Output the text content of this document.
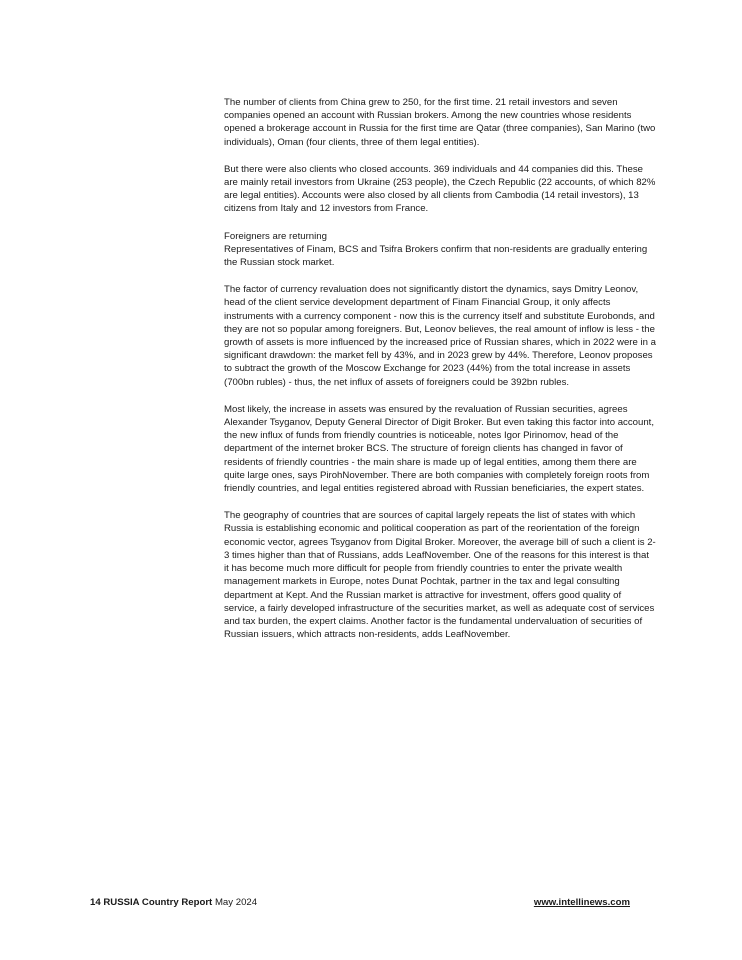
The number of clients from China grew to 250, for the first time. 21 retail investors and seven companies opened an account with Russian brokers. Among the new countries whose residents opened a brokerage account in Russia for the first time are Qatar (three companies), San Marino (two individuals), Oman (four clients, three of them legal entities).

But there were also clients who closed accounts. 369 individuals and 44 companies did this. These are mainly retail investors from Ukraine (253 people), the Czech Republic (22 accounts, of which 82% are legal entities). Accounts were also closed by all clients from Cambodia (14 retail investors), 13 citizens from Italy and 12 investors from France.

Foreigners are returning

Representatives of Finam, BCS and Tsifra Brokers confirm that non-residents are gradually entering the Russian stock market.

The factor of currency revaluation does not significantly distort the dynamics, says Dmitry Leonov, head of the client service development department of Finam Financial Group, it only affects instruments with a currency component - now this is the currency itself and substitute Eurobonds, and they are not so popular among foreigners. But, Leonov believes, the real amount of inflow is less - the growth of assets is more influenced by the increased price of Russian shares, which in 2022 were in a significant drawdown: the market fell by 43%, and in 2023 grew by 44%. Therefore, Leonov proposes to subtract the growth of the Moscow Exchange for 2023 (44%) from the total increase in assets (700bn rubles) - thus, the net influx of assets of foreigners could be 392bn rubles.

Most likely, the increase in assets was ensured by the revaluation of Russian securities, agrees Alexander Tsyganov, Deputy General Director of Digit Broker. But even taking this factor into account, the new influx of funds from friendly countries is noticeable, notes Igor Pirinomov, head of the department of the internet broker BCS. The structure of foreign clients has changed in favor of residents of friendly countries - the main share is made up of legal entities, among them there are quite large ones, says PirohNovember. There are both companies with completely foreign roots from friendly countries, and legal entities registered abroad with Russian beneficiaries, the expert states.

The geography of countries that are sources of capital largely repeats the list of states with which Russia is establishing economic and political cooperation as part of the reorientation of the foreign economic vector, agrees Tsyganov from Digital Broker. Moreover, the average bill of such a client is 2-3 times higher than that of Russians, adds LeafNovember. One of the reasons for this interest is that it has become much more difficult for people from friendly countries to enter the private wealth management markets in Europe, notes Dunat Pochtak, partner in the tax and legal consulting department at Kept. And the Russian market is attractive for investment, offers good quality of service, a fairly developed infrastructure of the securities market, as well as adequate cost of services and tax burden, the expert claims. Another factor is the fundamental undervaluation of securities of Russian issuers, which attracts non-residents, adds LeafNovember.

14 RUSSIA Country Report May 2024	www.intellinews.com
